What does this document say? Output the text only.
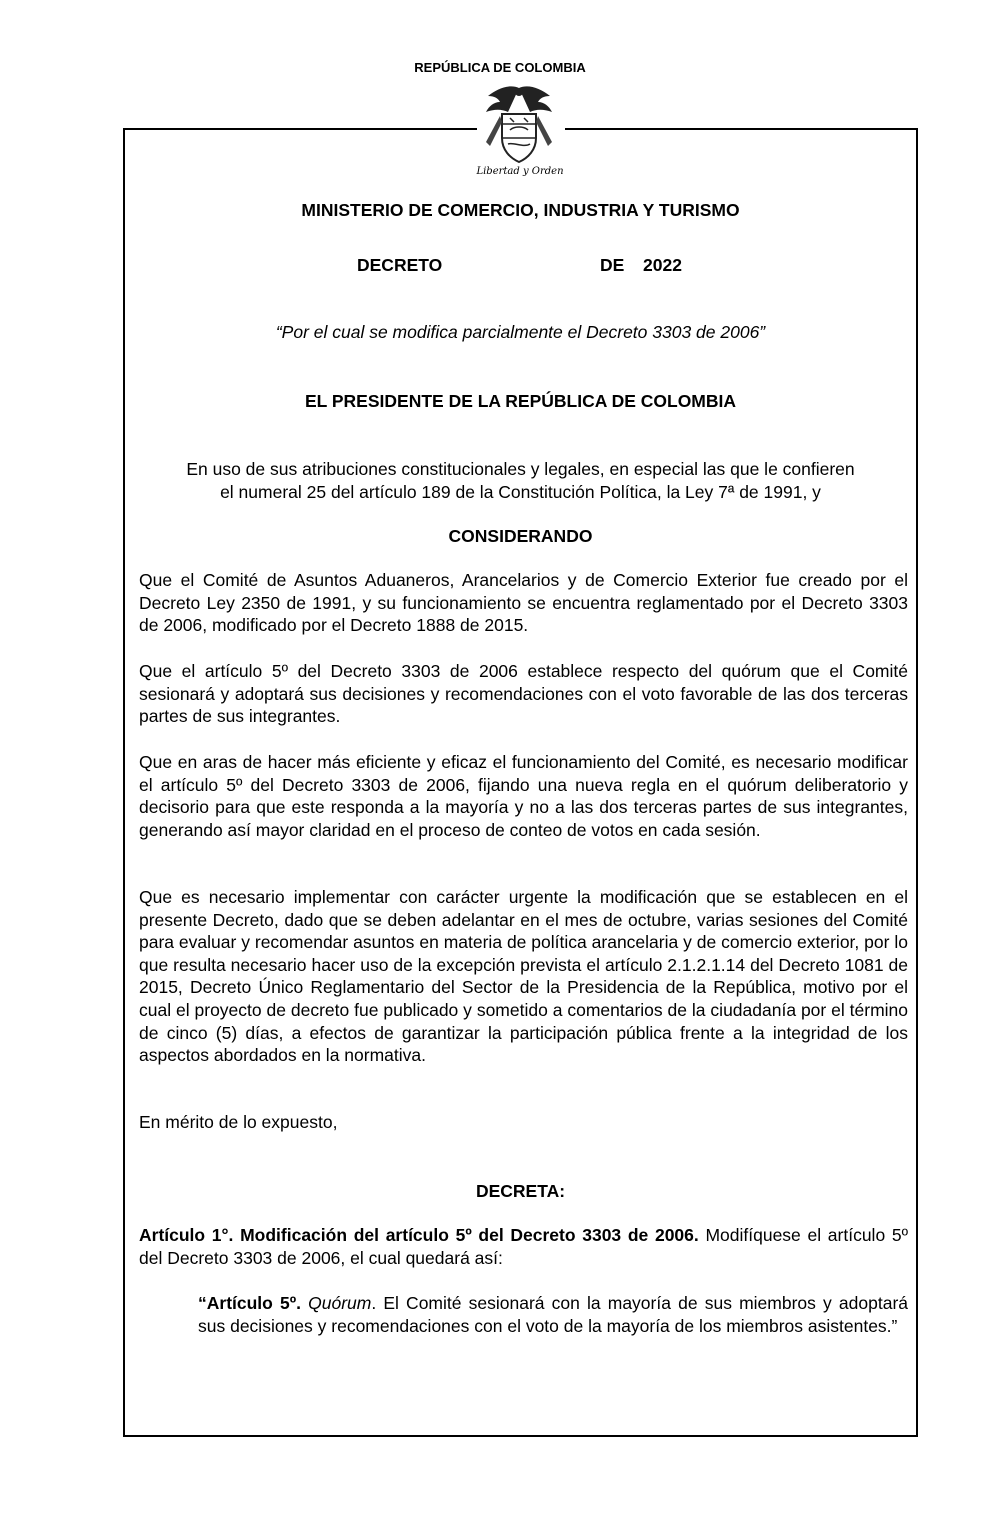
REPÚBLICA DE COLOMBIA
Libertad y Orden
MINISTERIO DE COMERCIO, INDUSTRIA Y TURISMO
DECRETO	DE 2022
“Por el cual se modifica parcialmente el Decreto 3303 de 2006”
EL PRESIDENTE DE LA REPÚBLICA DE COLOMBIA
En uso de sus atribuciones constitucionales y legales, en especial las que le confieren
el numeral 25 del artículo 189 de la Constitución Política, la Ley 7ª de 1991, y
CONSIDERANDO
Que el Comité de Asuntos Aduaneros, Arancelarios y de Comercio Exterior fue creado por el Decreto Ley 2350 de 1991, y su funcionamiento se encuentra reglamentado por el Decreto 3303 de 2006, modificado por el Decreto 1888 de 2015.
Que el artículo 5º del Decreto 3303 de 2006 establece respecto del quórum que el Comité sesionará y adoptará sus decisiones y recomendaciones con el voto favorable de las dos terceras partes de sus integrantes.
Que en aras de hacer más eficiente y eficaz el funcionamiento del Comité, es necesario modificar el artículo 5º del Decreto 3303 de 2006, fijando una nueva regla en el quórum deliberatorio y decisorio para que este responda a la mayoría y no a las dos terceras partes de sus integrantes, generando así mayor claridad en el proceso de conteo de votos en cada sesión.
Que es necesario implementar con carácter urgente la modificación que se establecen en el presente Decreto, dado que se deben adelantar en el mes de octubre, varias sesiones del Comité para evaluar y recomendar asuntos en materia de política arancelaria y de comercio exterior, por lo que resulta necesario hacer uso de la excepción prevista el artículo 2.1.2.1.14 del Decreto 1081 de 2015, Decreto Único Reglamentario del Sector de la Presidencia de la República, motivo por el cual el proyecto de decreto fue publicado y sometido a comentarios de la ciudadanía por el término de cinco (5) días, a efectos de garantizar la participación pública frente a la integridad de los aspectos abordados en la normativa.
En mérito de lo expuesto,
DECRETA:
Artículo 1°. Modificación del artículo 5º del Decreto 3303 de 2006. Modifíquese el artículo 5º del Decreto 3303 de 2006, el cual quedará así:
“Artículo 5º. Quórum. El Comité sesionará con la mayoría de sus miembros y adoptará sus decisiones y recomendaciones con el voto de la mayoría de los miembros asistentes.”
